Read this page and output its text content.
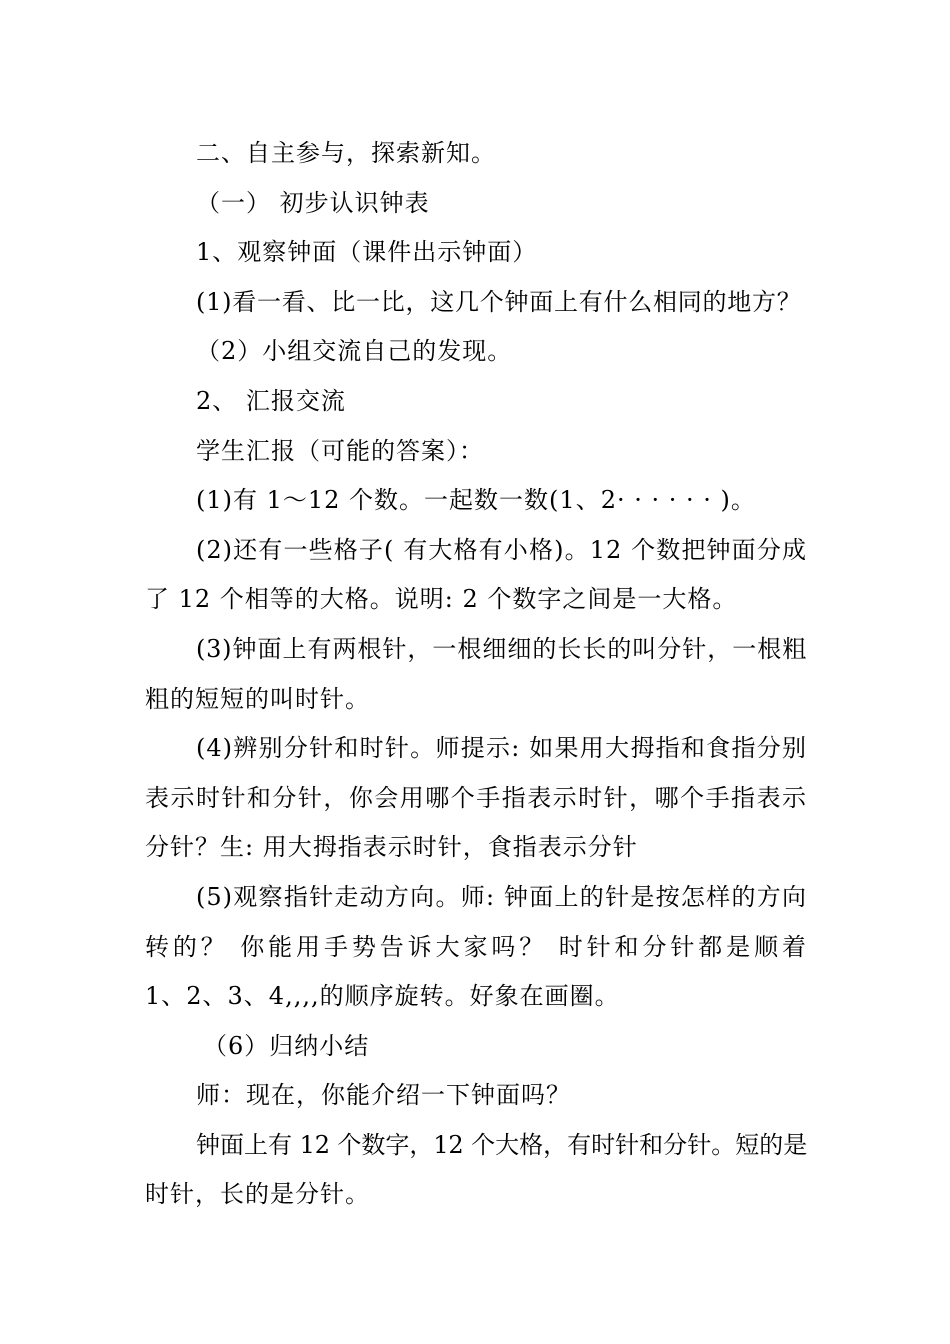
二、自主参与，探索新知。

（一） 初步认识钟表

1、观察钟面（课件出示钟面）

(1)看一看、比一比，这几个钟面上有什么相同的地方？

（2）小组交流自己的发现。

2、 汇报交流

学生汇报（可能的答案）：

(1)有 1～12 个数。一起数一数(1、2· · · · · · )。

(2)还有一些格子( 有大格有小格)。12 个数把钟面分成

了 12 个相等的大格。说明: 2 个数字之间是一大格。

(3)钟面上有两根针，一根细细的长长的叫分针，一根粗

粗的短短的叫时针。

(4)辨别分针和时针。师提示: 如果用大拇指和食指分别

表示时针和分针，你会用哪个手指表示时针，哪个手指表示

分针？生: 用大拇指表示时针，食指表示分针

(5)观察指针走动方向。师: 钟面上的针是按怎样的方向

转的？ 你能用手势告诉大家吗？ 时针和分针都是顺着

1、2、3、4,,,,的顺序旋转。好象在画圈。

（6）归纳小结

师：现在，你能介绍一下钟面吗？

钟面上有 12 个数字，12 个大格，有时针和分针。短的是

时针，长的是分针。
